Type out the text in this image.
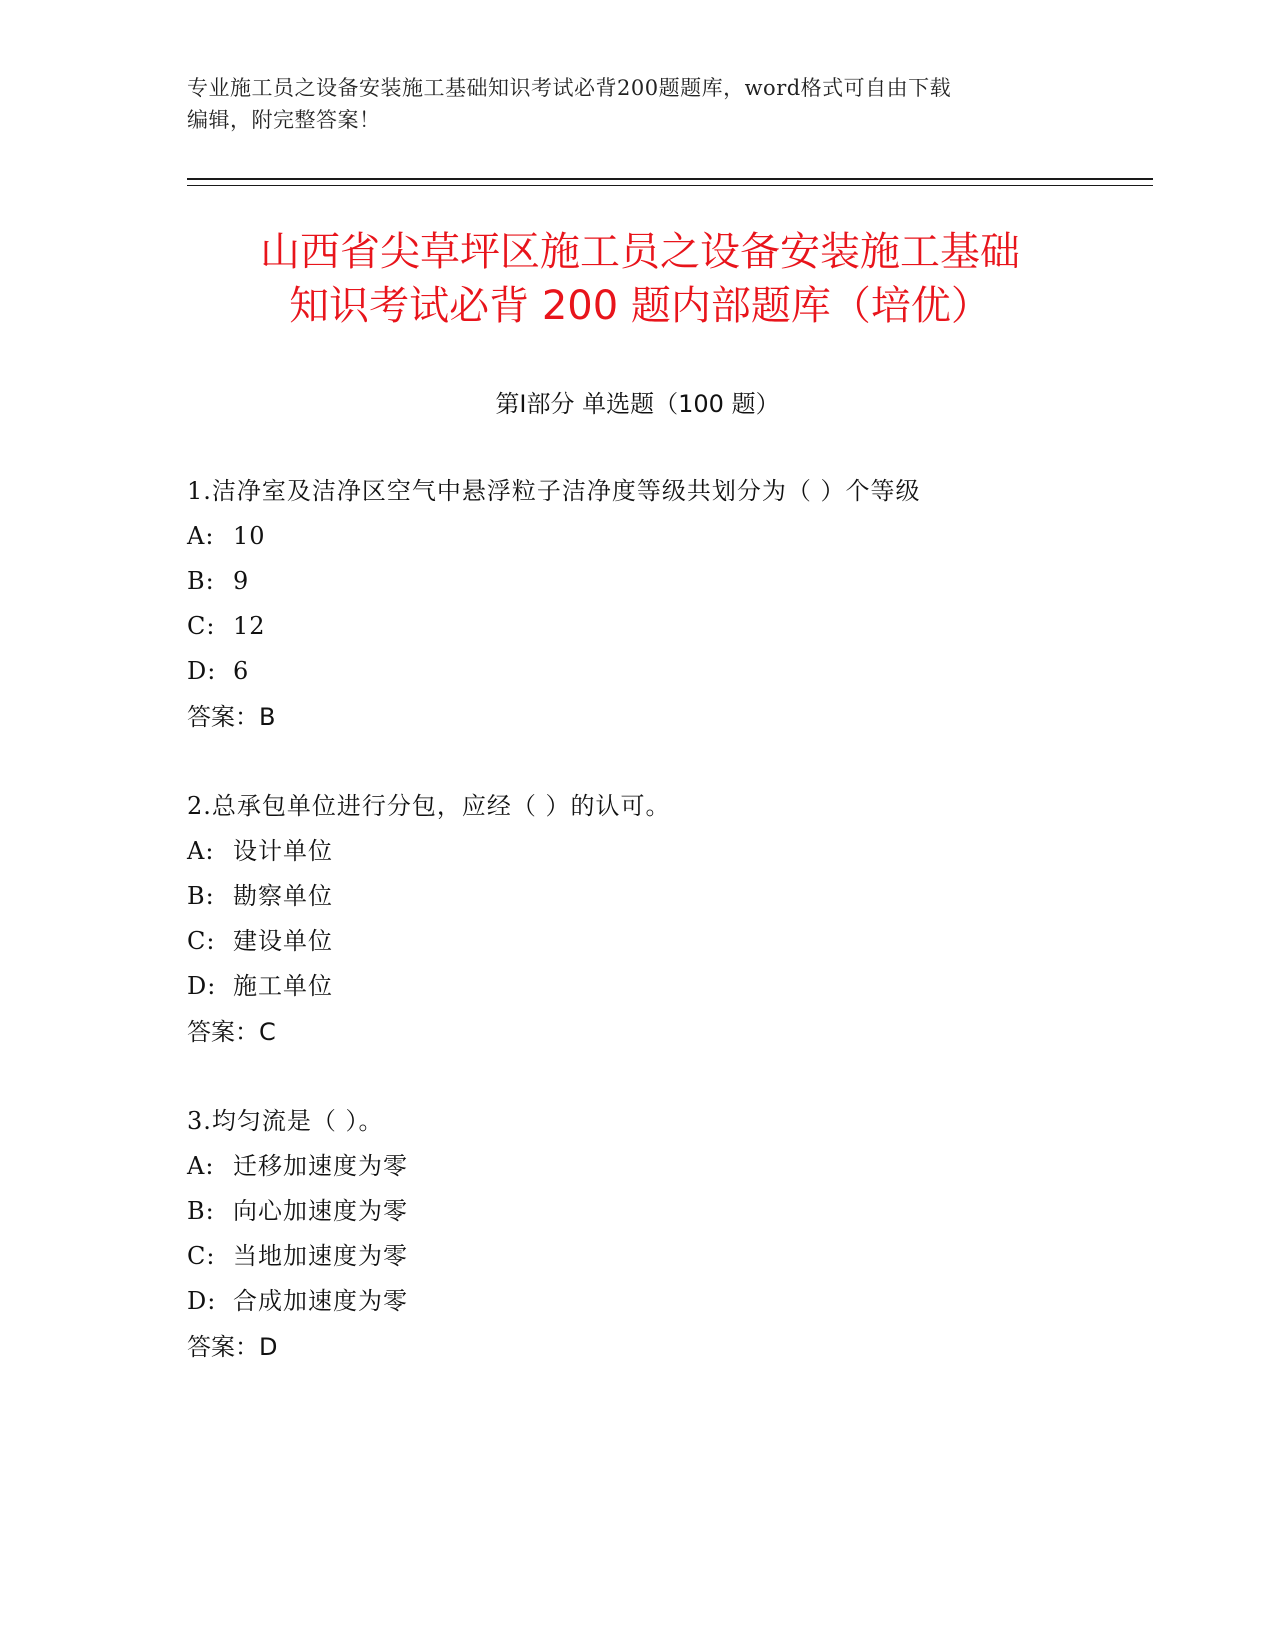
专业施工员之设备安装施工基础知识考试必背200题题库，word格式可自由下载
编辑，附完整答案！
山西省尖草坪区施工员之设备安装施工基础
知识考试必背 200 题内部题库（培优）
第Ⅰ部分 单选题（100 题）
1.洁净室及洁净区空气中悬浮粒子洁净度等级共划分为（ ）个等级
A: 10
B: 9
C: 12
D: 6
答案：B
2.总承包单位进行分包，应经（ ）的认可。
A: 设计单位
B: 勘察单位
C: 建设单位
D: 施工单位
答案：C
3.均匀流是（ ）。
A: 迁移加速度为零
B: 向心加速度为零
C: 当地加速度为零
D: 合成加速度为零
答案：D
